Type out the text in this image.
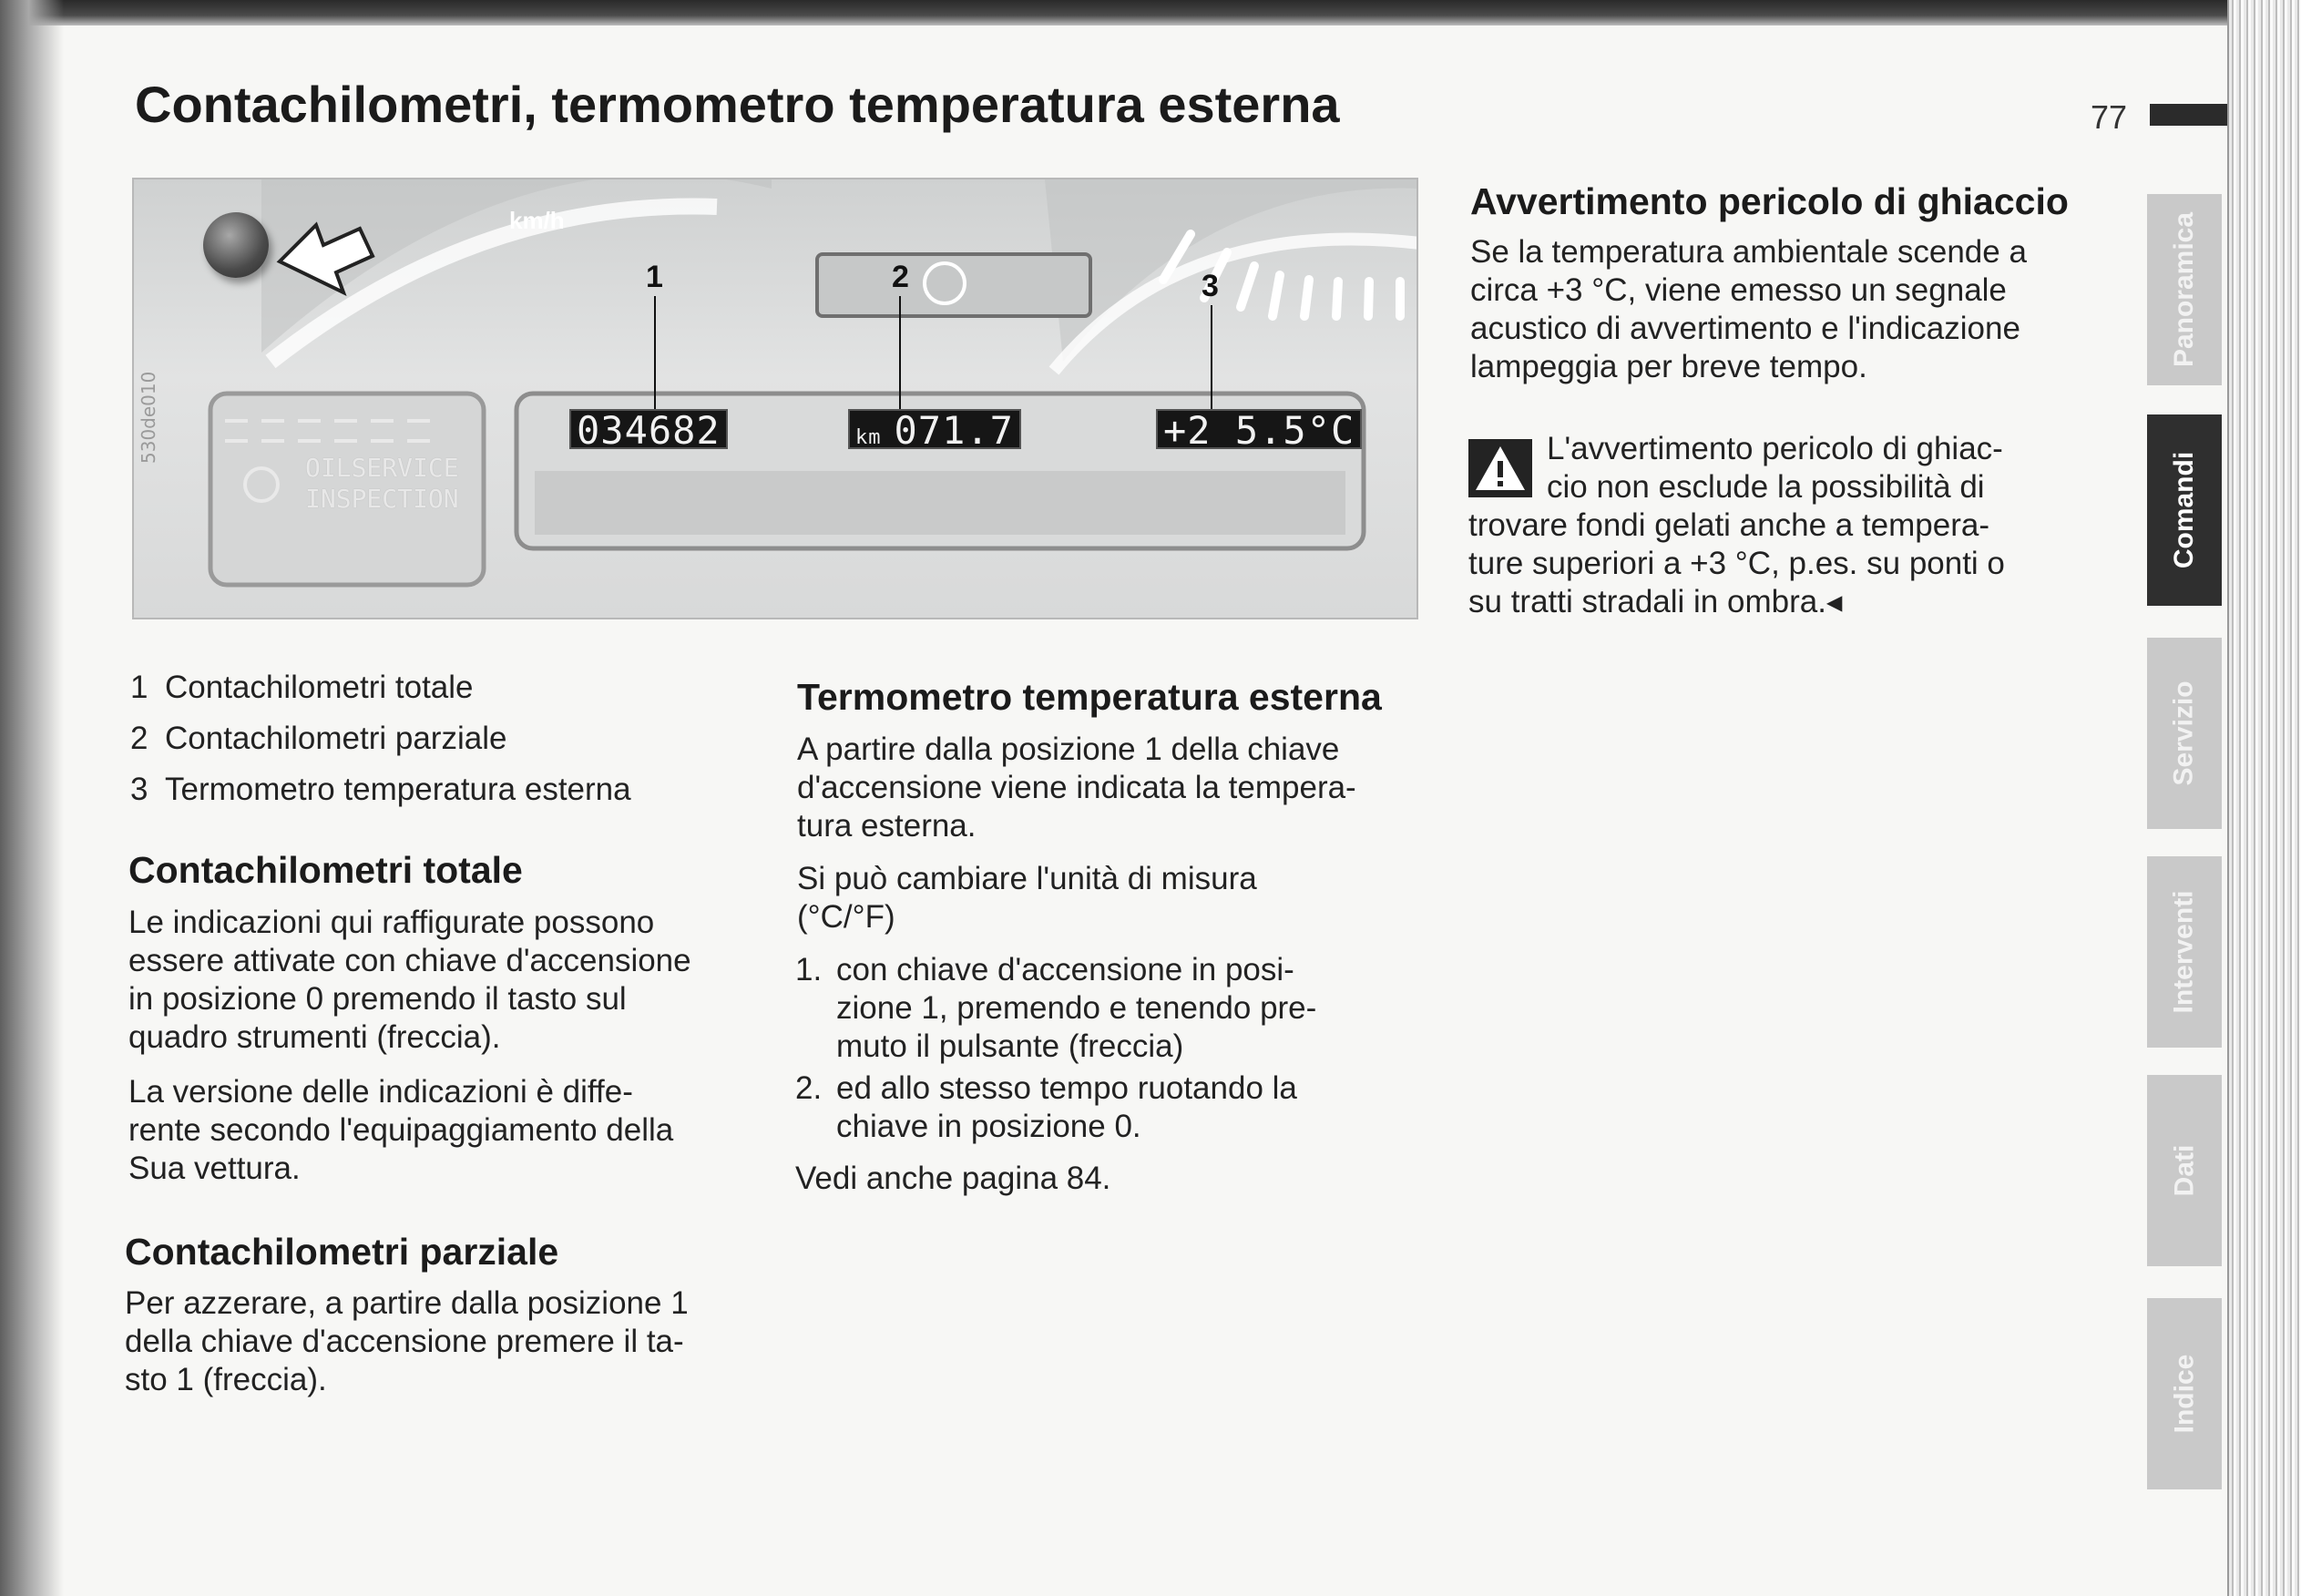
Contachilometri, termometro temperatura esterna	77
Panoramica
Comandi
Servizio
Interventi
Dati
Indice
OILSERVICE
INSPECTION
1	2	3
034682	km 071.7	+2 5.5°C
km/h
530de010
1 Contachilometri totale
2 Contachilometri parziale
3 Termometro temperatura esterna
Contachilometri totale
Le indicazioni qui raffigurate possono
essere attivate con chiave d'accensione
in posizione 0 premendo il tasto sul
quadro strumenti (freccia).
La versione delle indicazioni è diffe-
rente secondo l'equipaggiamento della
Sua vettura.
Contachilometri parziale
Per azzerare, a partire dalla posizione 1
della chiave d'accensione premere il ta-
sto 1 (freccia).
Termometro temperatura esterna
A partire dalla posizione 1 della chiave
d'accensione viene indicata la tempera-
tura esterna.
Si può cambiare l'unità di misura
(°C/°F)
1. con chiave d'accensione in posi-
zione 1, premendo e tenendo pre-
muto il pulsante (freccia)
2. ed allo stesso tempo ruotando la
chiave in posizione 0.
Vedi anche pagina 84.
Avvertimento pericolo di ghiaccio
Se la temperatura ambientale scende a
circa +3 °C, viene emesso un segnale
acustico di avvertimento e l'indicazione
lampeggia per breve tempo.
L'avvertimento pericolo di ghiac-
cio non esclude la possibilità di
trovare fondi gelati anche a tempera-
ture superiori a +3 °C, p.es. su ponti o
su tratti stradali in ombra.◂
